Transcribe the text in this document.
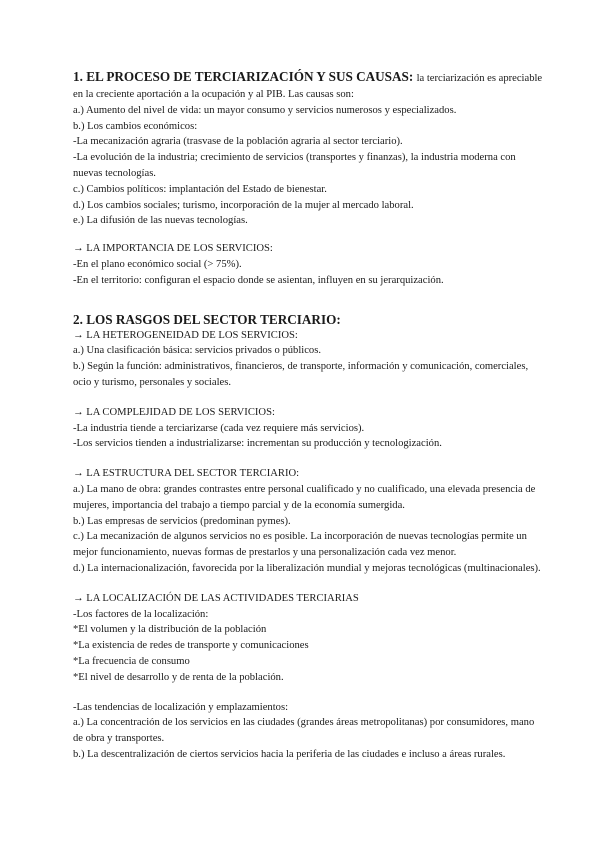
1. EL PROCESO DE TERCIARIZACIÓN Y SUS CAUSAS: la terciarización es apreciable
en la creciente aportación a la ocupación y al PIB. Las causas son:
a.) Aumento del nivel de vida: un mayor consumo y servicios numerosos y especializados.
b.) Los cambios económicos:
-La mecanización agraria (trasvase de la población agraria al sector terciario).
-La evolución de la industria; crecimiento de servicios (transportes y finanzas), la industria moderna con nuevas tecnologías.
c.) Cambios políticos: implantación del Estado de bienestar.
d.) Los cambios sociales; turismo, incorporación de la mujer al mercado laboral.
e.) La difusión de las nuevas tecnologías.
→ LA IMPORTANCIA DE LOS SERVICIOS:
-En el plano económico social (> 75%).
-En el territorio: configuran el espacio donde se asientan, influyen en su jerarquización.
2. LOS RASGOS DEL SECTOR TERCIARIO:
→ LA HETEROGENEIDAD DE LOS SERVICIOS:
a.) Una clasificación básica: servicios privados o públicos.
b.) Según la función: administrativos, financieros, de transporte, información y comunicación, comerciales, ocio y turismo, personales y sociales.
→ LA COMPLEJIDAD DE LOS SERVICIOS:
-La industria tiende a terciarizarse (cada vez requiere más servicios).
-Los servicios tienden a industrializarse: incrementan su producción y tecnologización.
→ LA ESTRUCTURA DEL SECTOR TERCIARIO:
a.) La mano de obra: grandes contrastes entre personal cualificado y no cualificado, una elevada presencia de mujeres, importancia del trabajo a tiempo parcial y de la economía sumergida.
b.) Las empresas de servicios (predominan pymes).
c.) La mecanización de algunos servicios no es posible. La incorporación de nuevas tecnologías permite un mejor funcionamiento, nuevas formas de prestarlos y una personalización cada vez menor.
d.) La internacionalización, favorecida por la liberalización mundial y mejoras tecnológicas (multinacionales).
→ LA LOCALIZACIÓN DE LAS ACTIVIDADES TERCIARIAS
-Los factores de la localización:
*El volumen y la distribución de la población
*La existencia de redes de transporte y comunicaciones
*La frecuencia de consumo
*El nivel de desarrollo y de renta de la población.
-Las tendencias de localización y emplazamientos:
a.) La concentración de los servicios en las ciudades (grandes áreas metropolitanas) por consumidores, mano de obra y transportes.
b.) La descentralización de ciertos servicios hacia la periferia de las ciudades e incluso a áreas rurales.
